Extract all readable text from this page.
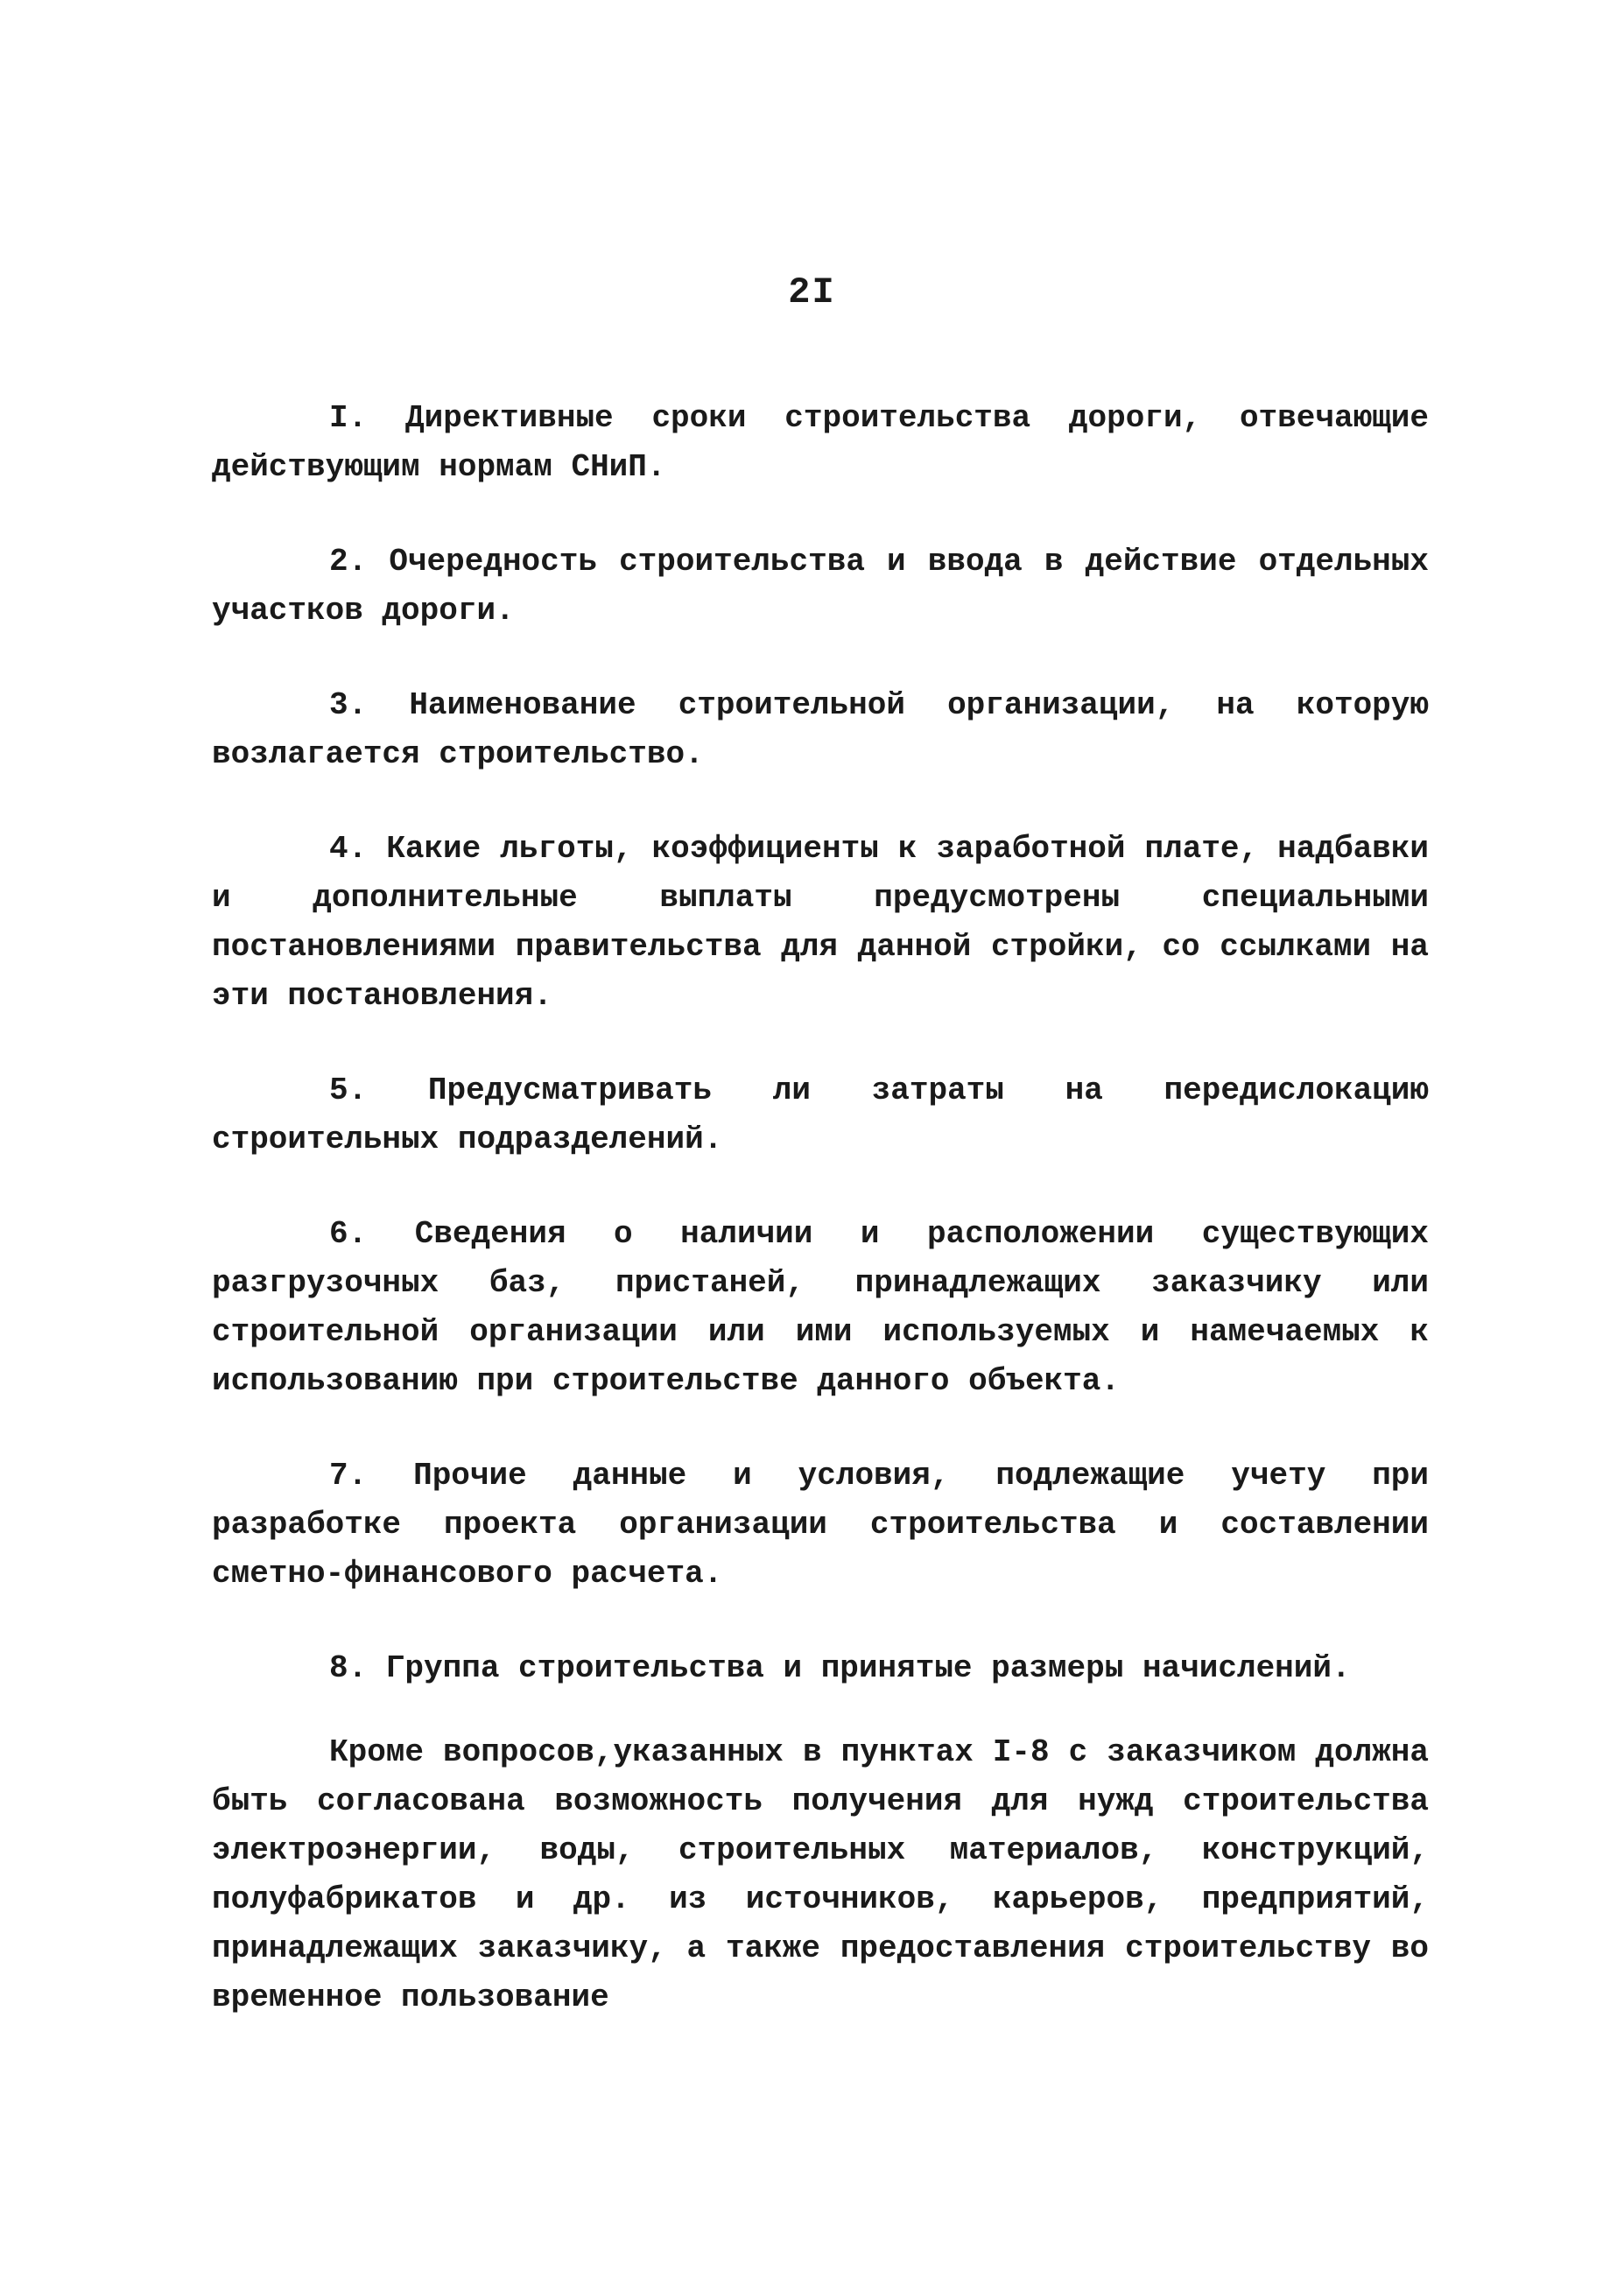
2I

I. Директивные сроки строительства дороги, отвечающие действующим нормам СНиП.

2. Очередность строительства и ввода в действие отдельных участков дороги.

3. Наименование строительной организации, на которую возлагается строительство.

4. Какие льготы, коэффициенты к заработной плате, надбавки и дополнительные выплаты предусмотрены специальными постановлениями правительства для данной стройки, со ссылками на эти постановления.

5. Предусматривать ли затраты на передислокацию строительных подразделений.

6. Сведения о наличии и расположении существующих разгрузочных баз, пристаней, принадлежащих заказчику или строительной организации или ими используемых и намечаемых к использованию при строительстве данного объекта.

7. Прочие данные и условия, подлежащие учету при разработке проекта организации строительства и составлении сметно-финансового расчета.

8. Группа строительства и принятые размеры начислений.

Кроме вопросов,указанных в пунктах I-8 с заказчиком должна быть согласована возможность получения для нужд строительства электроэнергии, воды, строительных материалов, конструкций, полуфабрикатов и др. из источников, карьеров, предприятий, принадлежащих заказчику, а также предоставления строительству во временное пользование
